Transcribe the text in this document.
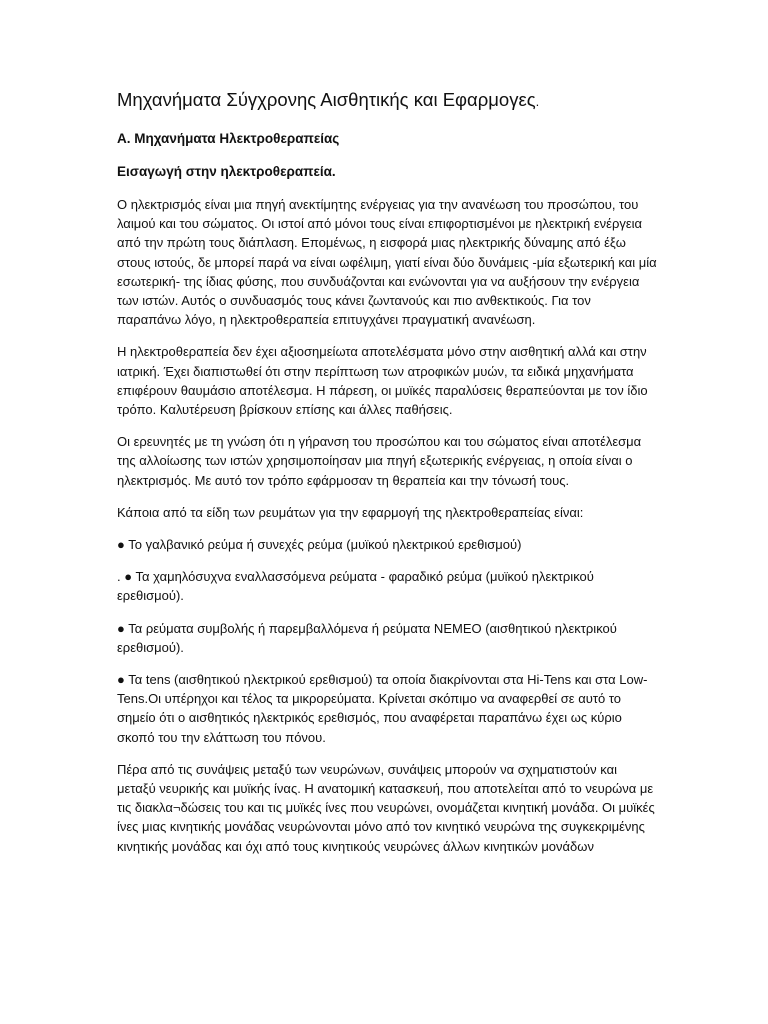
Μηχανήματα Σύγχρονης Αισθητικής και Εφαρμογες.

Α. Μηχανήματα Ηλεκτροθεραπείας

Εισαγωγή στην ηλεκτροθεραπεία.

Ο ηλεκτρισμός είναι μια πηγή ανεκτίμητης ενέργειας για την ανανέωση του προσώπου, του λαιμού και του σώματος. Οι ιστοί από μόνοι τους είναι επιφορτισμένοι με ηλεκτρική ενέργεια από την πρώτη τους διάπλαση. Επομένως, η εισφορά μιας ηλεκτρικής δύναμης από έξω στους ιστούς, δε μπορεί παρά να είναι ωφέλιμη, γιατί είναι δύο δυνάμεις -μία εξωτερική και μία εσωτερική- της ίδιας φύσης, που συνδυάζονται και ενώνονται για να αυξήσουν την ενέργεια των ιστών. Αυτός ο συνδυασμός τους κάνει ζωντανούς και πιο ανθεκτικούς. Για τον παραπάνω λόγο, η ηλεκτροθεραπεία επιτυγχάνει πραγματική ανανέωση.

Η ηλεκτροθεραπεία δεν έχει αξιοσημείωτα αποτελέσματα μόνο στην αισθητική αλλά και στην ιατρική. Έχει διαπιστωθεί ότι στην περίπτωση των ατροφικών μυών, τα ειδικά μηχανήματα επιφέρουν θαυμάσιο αποτέλεσμα. Η πάρεση, οι μυϊκές παραλύσεις θεραπεύονται με τον ίδιο τρόπο. Καλυτέρευση βρίσκουν επίσης και άλλες παθήσεις.

Οι ερευνητές με τη γνώση ότι η γήρανση του προσώπου και του σώματος είναι αποτέλεσμα της αλλοίωσης των ιστών χρησιμοποίησαν μια πηγή εξωτερικής ενέργειας, η οποία είναι ο ηλεκτρισμός. Με αυτό τον τρόπο εφάρμοσαν τη θεραπεία και την τόνωσή τους.

Κάποια από τα είδη των ρευμάτων για την εφαρμογή της ηλεκτροθεραπείας είναι:

● Το γαλβανικό ρεύμα ή συνεχές ρεύμα (μυϊκού ηλεκτρικού ερεθισμού)

. ● Τα χαμηλόσυχνα εναλλασσόμενα ρεύματα - φαραδικό ρεύμα (μυϊκού ηλεκτρικού ερεθισμού).

● Τα ρεύματα συμβολής ή παρεμβαλλόμενα ή ρεύματα ΝΕΜΕΟ (αισθητικού ηλεκτρικού ερεθισμού).

● Τα tens (αισθητικού ηλεκτρικού ερεθισμού) τα οποία διακρίνονται στα Hi-Tens και στα Low-Tens.Οι υπέρηχοι και τέλος τα μικρορεύματα. Κρίνεται σκόπιμο να αναφερθεί σε αυτό το σημείο ότι ο αισθητικός ηλεκτρικός ερεθισμός, που αναφέρεται παραπάνω έχει ως κύριο σκοπό του την ελάττωση του πόνου.

Πέρα από τις συνάψεις μεταξύ των νευρώνων, συνάψεις μπορούν να σχηματιστούν και μεταξύ νευρικής και μυϊκής ίνας. Η ανατομική κατασκευή, που αποτελείται από το νευρώνα με τις διακλα¬δώσεις του και τις μυϊκές ίνες που νευρώνει, ονομάζεται κινητική μονάδα. Οι μυϊκές ίνες μιας κινητικής μονάδας νευρώνονται μόνο από τον κινητικό νευρώνα της συγκεκριμένης κινητικής μονάδας και όχι από τους κινητικούς νευρώνες άλλων κινητικών μονάδων
